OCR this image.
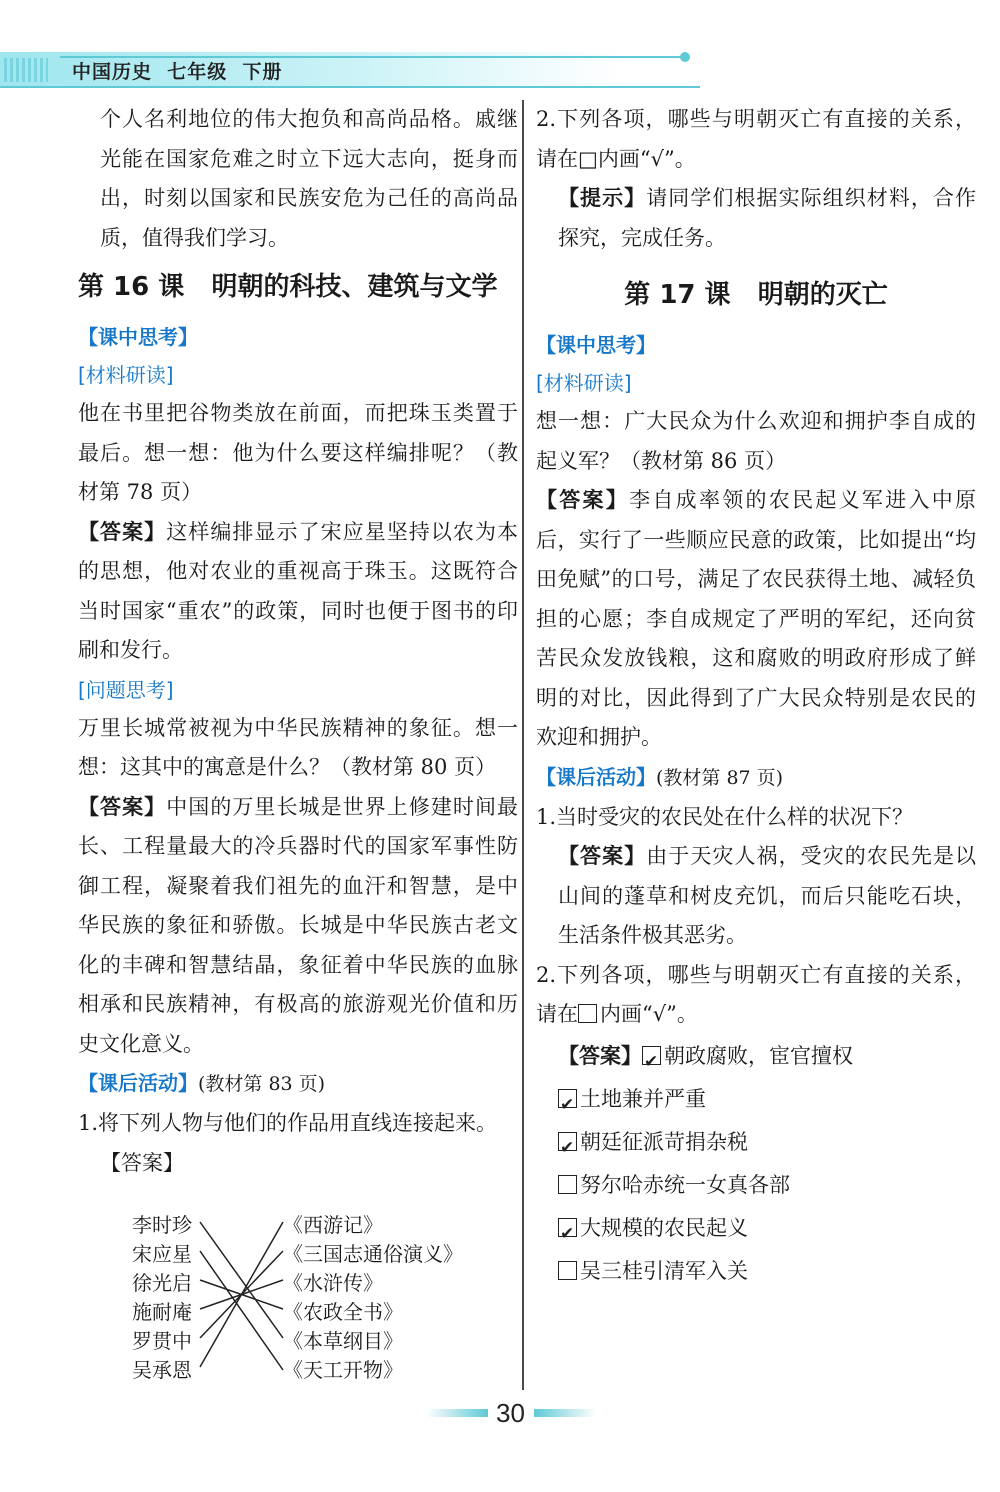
中国历史  七年级  下册

个人名利地位的伟大抱负和高尚品格。戚继光能在国家危难之时立下远大志向，挺身而出，时刻以国家和民族安危为己任的高尚品质，值得我们学习。

第 16 课   明朝的科技、建筑与文学
【课中思考】
[材料研读]

他在书里把谷物类放在前面，而把珠玉类置于最后。想一想：他为什么要这样编排呢？（教材第 78 页）

【答案】这样编排显示了宋应星坚持以农为本的思想，他对农业的重视高于珠玉。这既符合当时国家“重农”的政策，同时也便于图书的印刷和发行。

[问题思考]

万里长城常被视为中华民族精神的象征。想一想：这其中的寓意是什么？（教材第 80 页）

【答案】中国的万里长城是世界上修建时间最长、工程量最大的冷兵器时代的国家军事性防御工程，凝聚着我们祖先的血汗和智慧，是中华民族的象征和骄傲。长城是中华民族古老文化的丰碑和智慧结晶，象征着中华民族的血脉相承和民族精神，有极高的旅游观光价值和历史文化意义。

【课后活动】(教材第 83 页)

1.将下列人物与他们的作品用直线连接起来。

【答案】

李时珍
宋应星
徐光启
施耐庵
罗贯中
吴承恩
《西游记》
《三国志通俗演义》
《水浒传》
《农政全书》
《本草纲目》
《天工开物》

2.下列各项，哪些与明朝灭亡有直接的关系，请在□内画“√”。

【提示】请同学们根据实际组织材料，合作探究，完成任务。

第 17 课   明朝的灭亡
【课中思考】
[材料研读]

想一想：广大民众为什么欢迎和拥护李自成的起义军？（教材第 86 页）

【答案】李自成率领的农民起义军进入中原后，实行了一些顺应民意的政策，比如提出“均田免赋”的口号，满足了农民获得土地、减轻负担的心愿；李自成规定了严明的军纪，还向贫苦民众发放钱粮，这和腐败的明政府形成了鲜明的对比，因此得到了广大民众特别是农民的欢迎和拥护。

【课后活动】(教材第 87 页)

1.当时受灾的农民处在什么样的状况下？

【答案】由于天灾人祸，受灾的农民先是以山间的蓬草和树皮充饥，而后只能吃石块，生活条件极其恶劣。

2.下列各项，哪些与明朝灭亡有直接的关系，请在 内画“√”。

【答案】✔ 朝政腐败，宦官擅权
✔土地兼并严重
✔朝廷征派苛捐杂税
努尔哈赤统一女真各部
✔大规模的农民起义
吴三桂引清军入关
30
